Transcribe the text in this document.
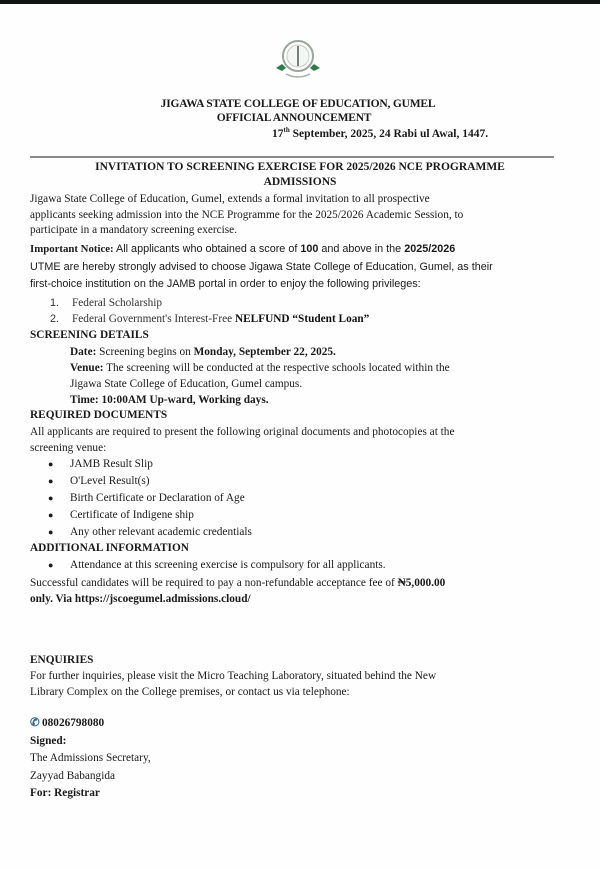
JIGAWA STATE COLLEGE OF EDUCATION, GUMEL
OFFICIAL ANNOUNCEMENT
17th September, 2025, 24 Rabi ul Awal, 1447.
INVITATION TO SCREENING EXERCISE FOR 2025/2026 NCE PROGRAMME
ADMISSIONS
Jigawa State College of Education, Gumel, extends a formal invitation to all prospective
applicants seeking admission into the NCE Programme for the 2025/2026 Academic Session, to
participate in a mandatory screening exercise.
Important Notice: All applicants who obtained a score of 100 and above in the 2025/2026
UTME are hereby strongly advised to choose Jigawa State College of Education, Gumel, as their
first-choice institution on the JAMB portal in order to enjoy the following privileges:
1. Federal Scholarship
2. Federal Government's Interest-Free NELFUND “Student Loan”
SCREENING DETAILS
Date: Screening begins on Monday, September 22, 2025.
Venue: The screening will be conducted at the respective schools located within the
Jigawa State College of Education, Gumel campus.
Time: 10:00AM Up-ward, Working days.
REQUIRED DOCUMENTS
All applicants are required to present the following original documents and photocopies at the
screening venue:
● JAMB Result Slip
● O'Level Result(s)
● Birth Certificate or Declaration of Age
● Certificate of Indigene ship
● Any other relevant academic credentials
ADDITIONAL INFORMATION
● Attendance at this screening exercise is compulsory for all applicants.
Successful candidates will be required to pay a non-refundable acceptance fee of ₦5,000.00
only. Via https://jscoegumel.admissions.cloud/
ENQUIRIES
For further inquiries, please visit the Micro Teaching Laboratory, situated behind the New
Library Complex on the College premises, or contact us via telephone:
✆ 08026798080
Signed:
The Admissions Secretary,
Zayyad Babangida
For: Registrar
